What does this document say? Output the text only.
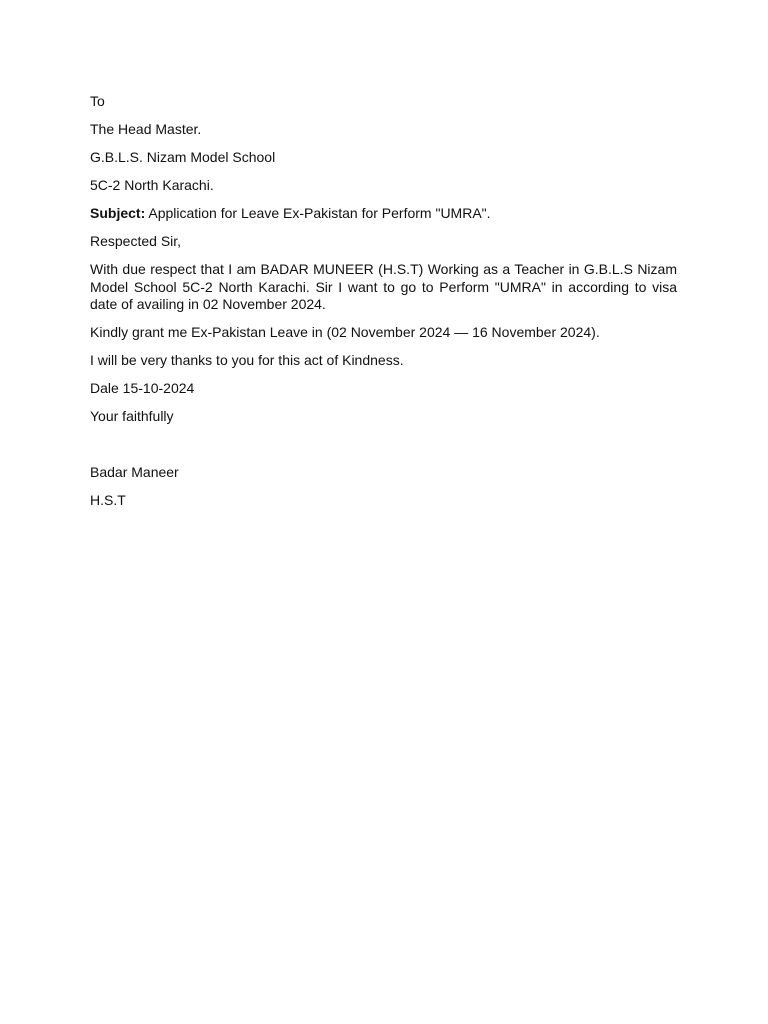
To
The Head Master.
G.B.L.S. Nizam Model School
5C-2 North Karachi.
Subject: Application for Leave Ex-Pakistan for Perform "UMRA".
Respected Sir,
With due respect that I am BADAR MUNEER (H.S.T) Working as a Teacher in G.B.L.S Nizam Model School 5C-2 North Karachi. Sir I want to go to Perform "UMRA" in according to visa date of availing in 02 November 2024.
Kindly grant me Ex-Pakistan Leave in (02 November 2024 — 16 November 2024).
I will be very thanks to you for this act of Kindness.
Dale 15-10-2024
Your faithfully
Badar Maneer
H.S.T
